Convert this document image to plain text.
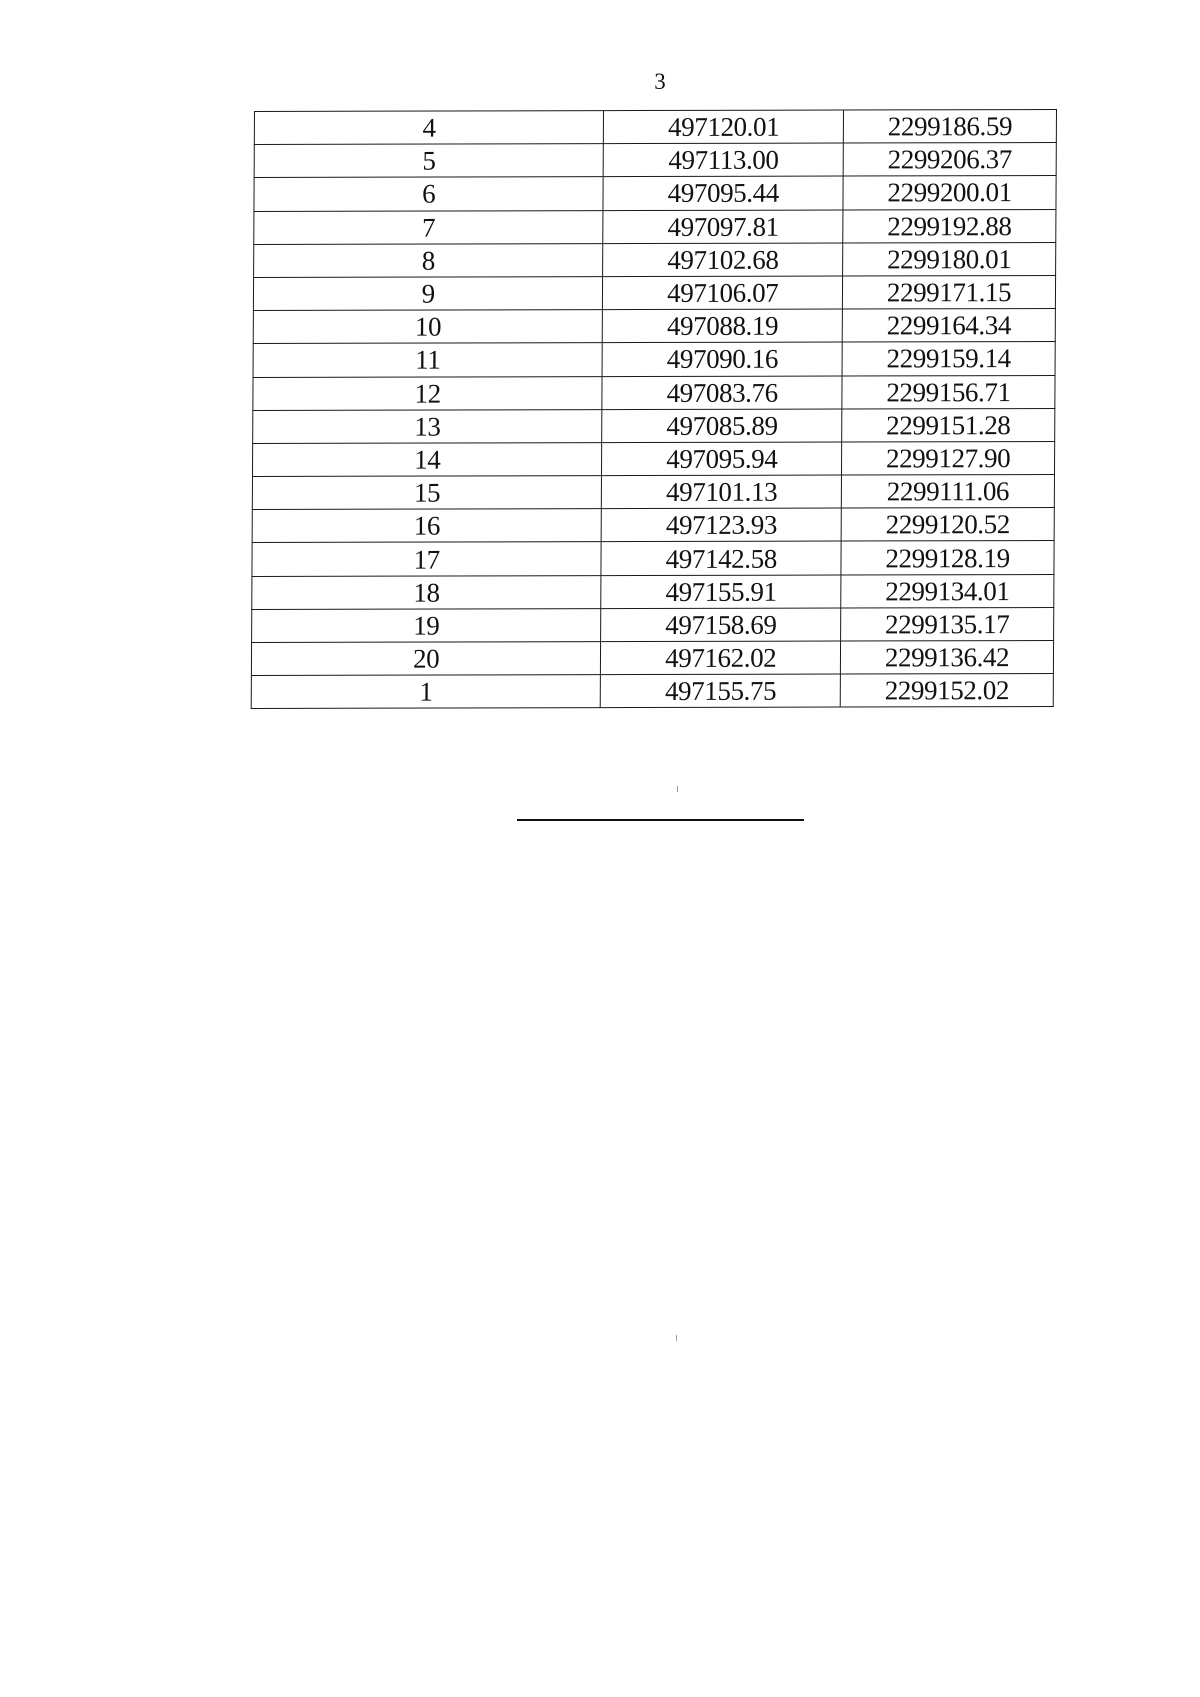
3
4	497120.01	2299186.59
5	497113.00	2299206.37
6	497095.44	2299200.01
7	497097.81	2299192.88
8	497102.68	2299180.01
9	497106.07	2299171.15
10	497088.19	2299164.34
11	497090.16	2299159.14
12	497083.76	2299156.71
13	497085.89	2299151.28
14	497095.94	2299127.90
15	497101.13	2299111.06
16	497123.93	2299120.52
17	497142.58	2299128.19
18	497155.91	2299134.01
19	497158.69	2299135.17
20	497162.02	2299136.42
1	497155.75	2299152.02
